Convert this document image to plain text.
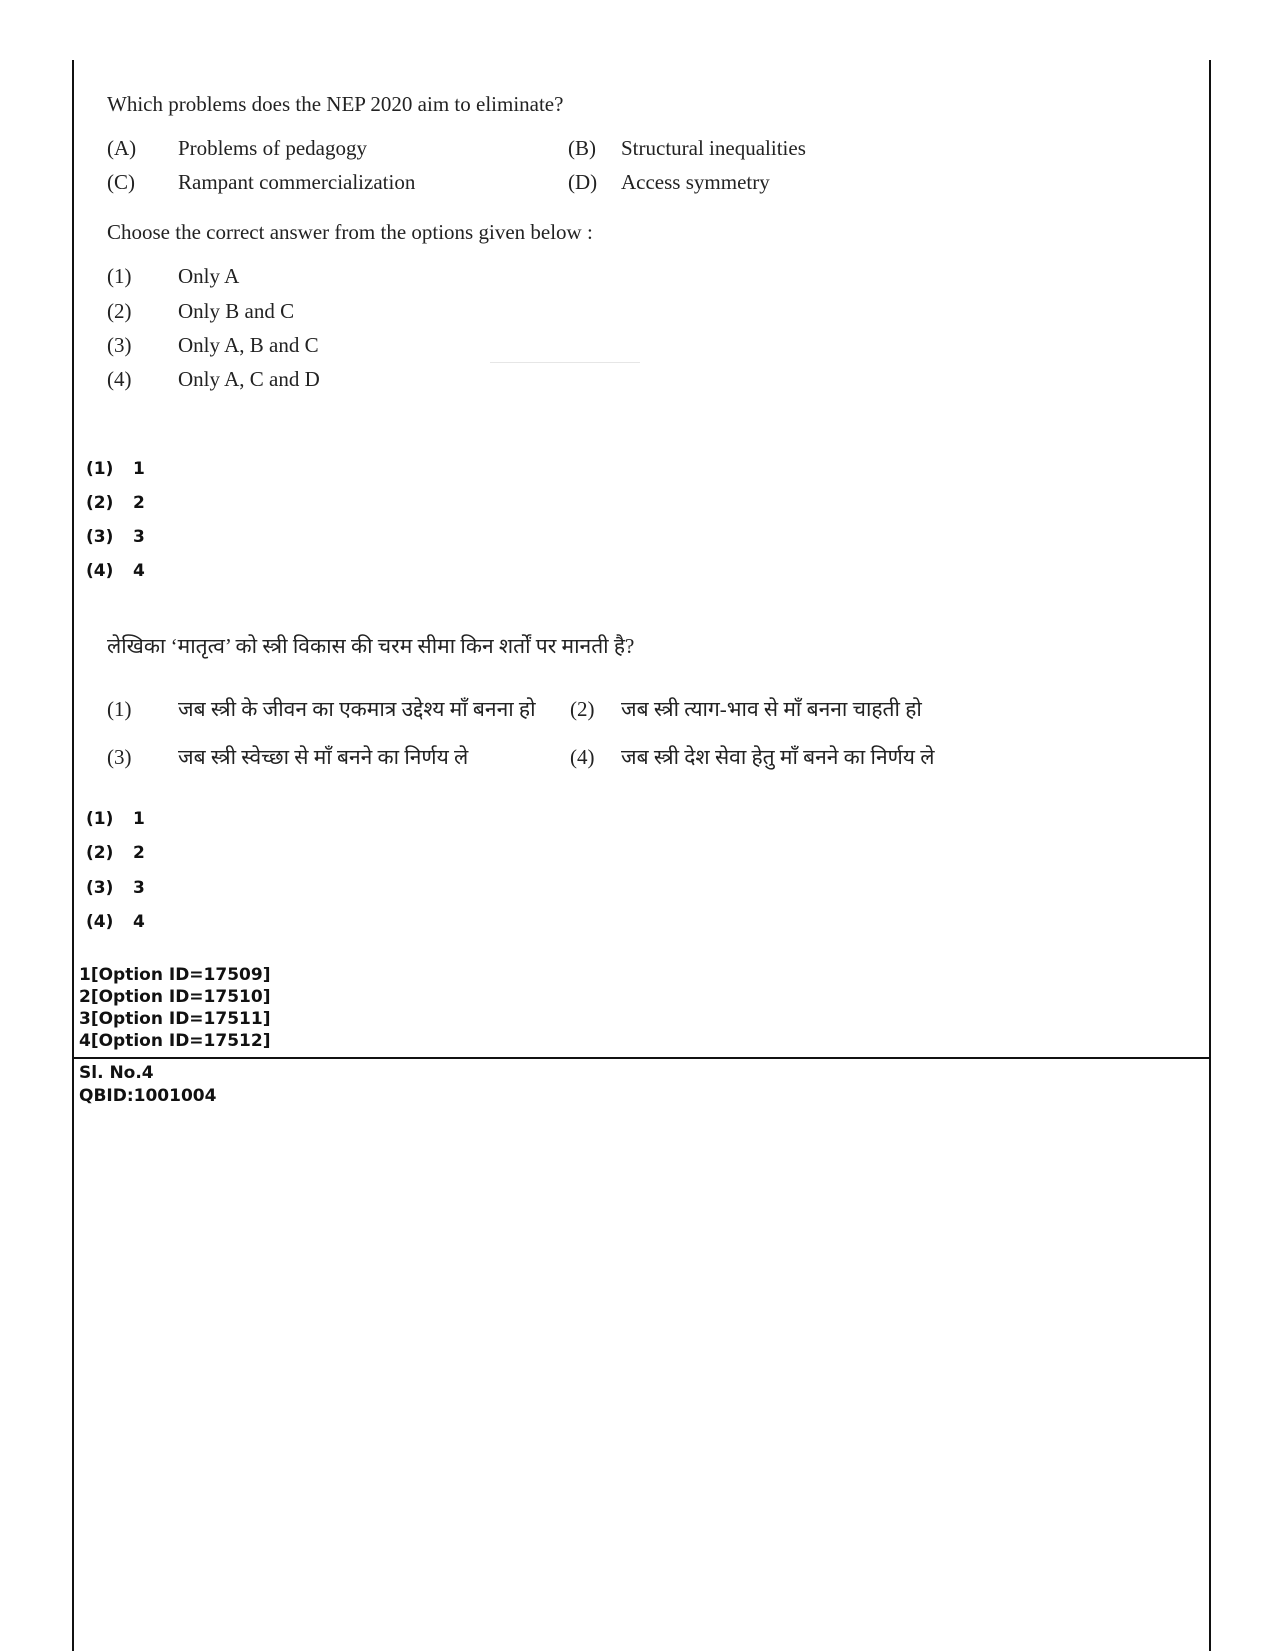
Which problems does the NEP 2020 aim to eliminate?
(A) Problems of pedagogy	(B) Structural inequalities
(C) Rampant commercialization	(D) Access symmetry
Choose the correct answer from the options given below :
(1) Only A
(2) Only B and C
(3) Only A, B and C
(4) Only A, C and D
(1) 1
(2) 2
(3) 3
(4) 4
लेखिका ‘मातृत्व’ को स्त्री विकास की चरम सीमा किन शर्तों पर मानती है?
(1) जब स्त्री के जीवन का एकमात्र उद्देश्य माँ बनना हो (2) जब स्त्री त्याग-भाव से माँ बनना चाहती हो
(3) जब स्त्री स्वेच्छा से माँ बनने का निर्णय ले	(4) जब स्त्री देश सेवा हेतु माँ बनने का निर्णय ले
(1) 1
(2) 2
(3) 3
(4) 4
1[Option ID=17509]
2[Option ID=17510]
3[Option ID=17511]
4[Option ID=17512]
Sl. No.4
QBID:1001004
